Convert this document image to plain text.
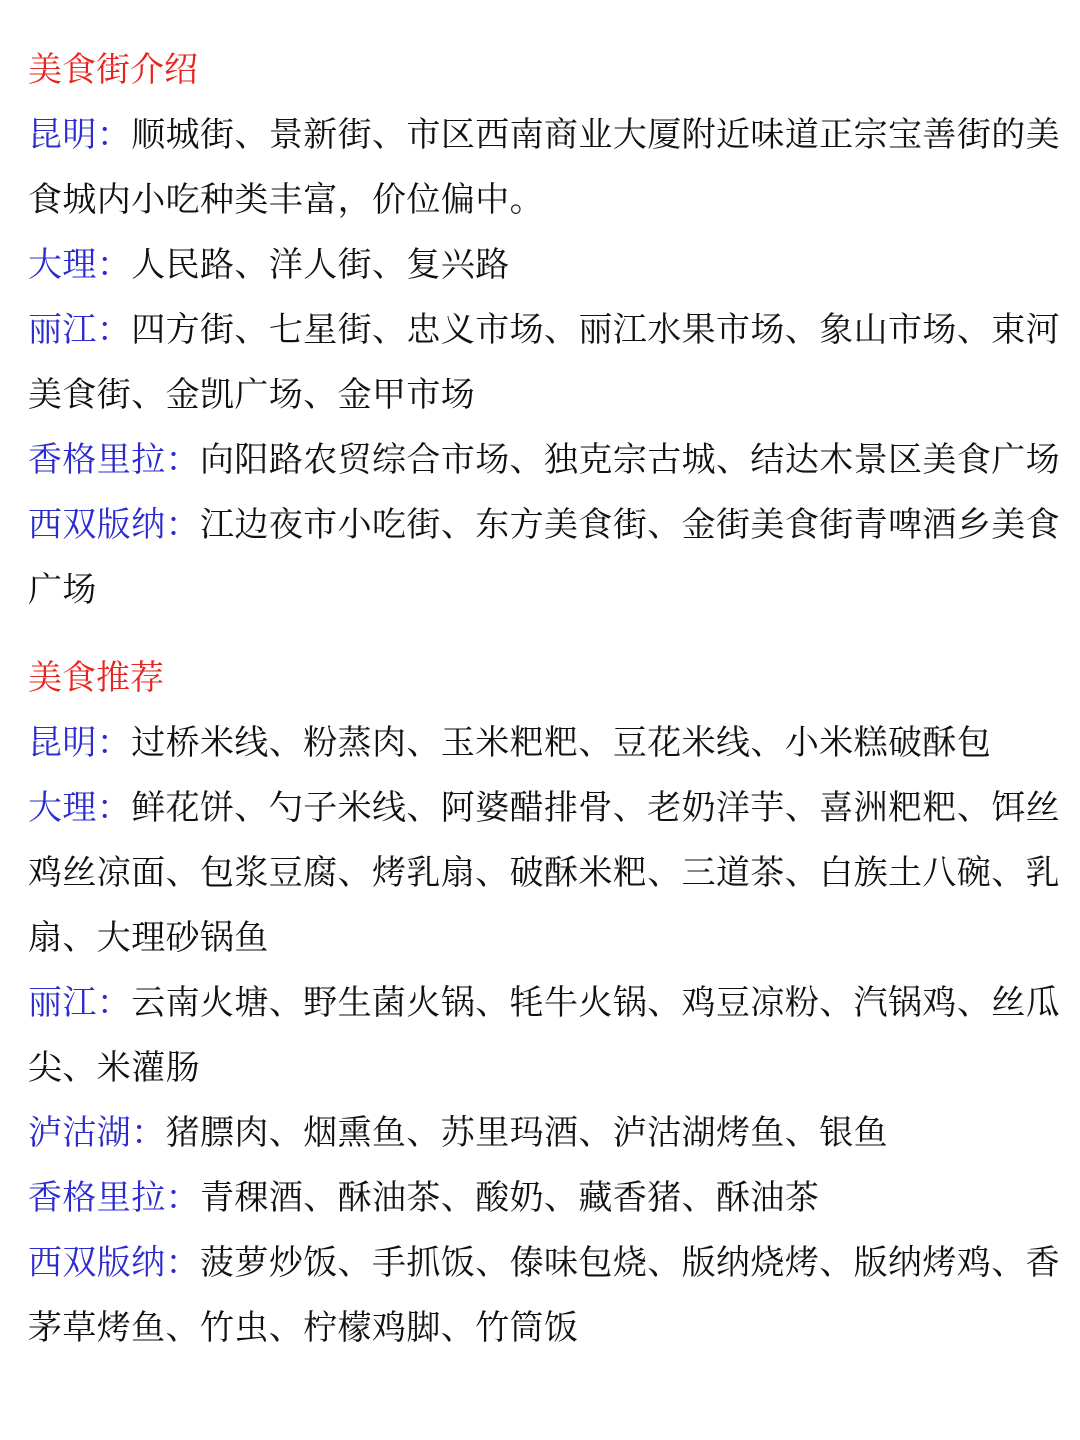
美食街介绍
昆明：顺城街、景新街、市区西南商业大厦附近味道正宗宝善街的美食城内小吃种类丰富，价位偏中。
大理：人民路、洋人街、复兴路
丽江：四方街、七星街、忠义市场、丽江水果市场、象山市场、束河美食街、金凯广场、金甲市场
香格里拉：向阳路农贸综合市场、独克宗古城、结达木景区美食广场
西双版纳：江边夜市小吃街、东方美食街、金街美食街青啤酒乡美食广场
美食推荐
昆明：过桥米线、粉蒸肉、玉米粑粑、豆花米线、小米糕破酥包
大理：鲜花饼、勺子米线、阿婆醋排骨、老奶洋芋、喜洲粑粑、饵丝鸡丝凉面、包浆豆腐、烤乳扇、破酥米粑、三道茶、白族土八碗、乳扇、大理砂锅鱼
丽江：云南火塘、野生菌火锅、牦牛火锅、鸡豆凉粉、汽锅鸡、丝瓜尖、米灌肠
泸沽湖：猪膘肉、烟熏鱼、苏里玛酒、泸沽湖烤鱼、银鱼
香格里拉：青稞酒、酥油茶、酸奶、藏香猪、酥油茶
西双版纳：菠萝炒饭、手抓饭、傣味包烧、版纳烧烤、版纳烤鸡、香茅草烤鱼、竹虫、柠檬鸡脚、竹筒饭
